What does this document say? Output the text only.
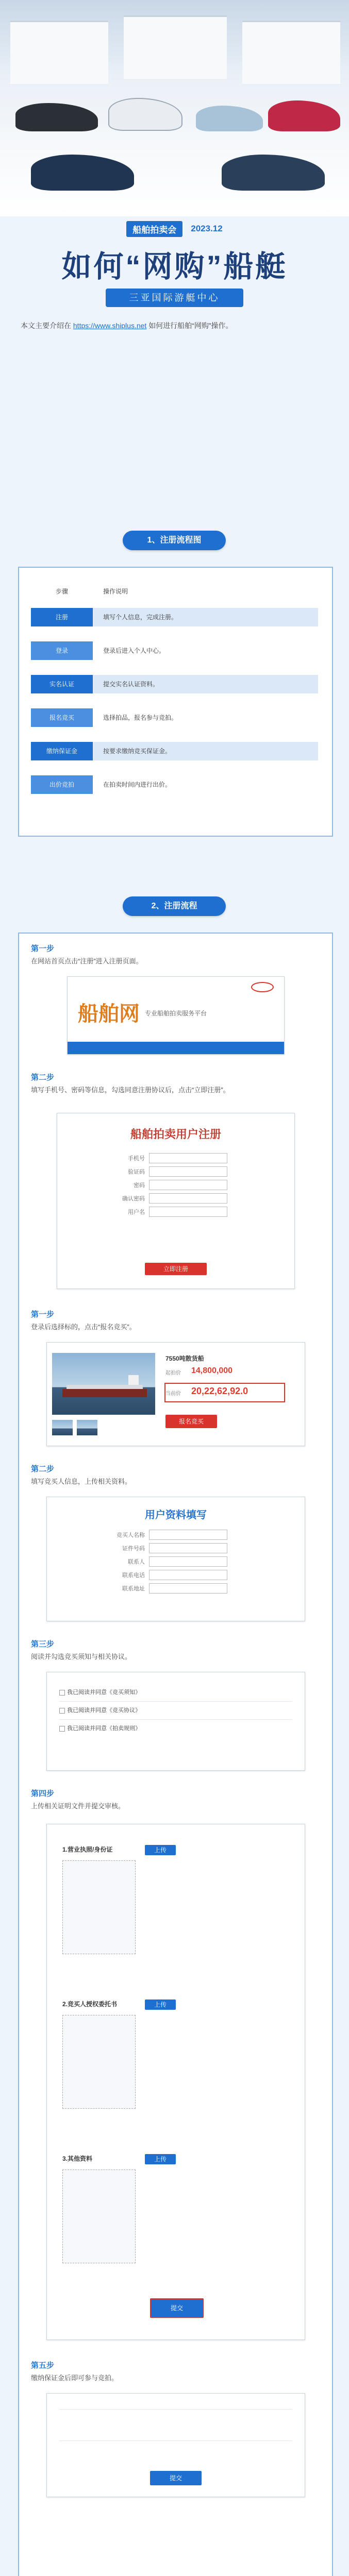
船舶拍卖会	2023.12
如何“网购”船艇
三亚国际游艇中心
本文主要介绍在 https://www.shiplus.net 如何进行船舶“网购”操作。
1、注册流程图
步骤	操作说明
注册	填写个人信息，完成注册。
登录	登录后进入个人中心。
实名认证	提交实名认证资料。
报名竞买	选择拍品，报名参与竞拍。
缴纳保证金	按要求缴纳竞买保证金。
出价竞拍	在拍卖时间内进行出价。
2、注册流程
第一步
在网站首页点击“注册”进入注册页面。
船舶网 专业船舶拍卖服务平台
第二步
填写手机号、密码等信息，勾选同意注册协议后，点击“立即注册”。
船舶拍卖用户注册
手机号
验证码
密码
确认密码
用户名
立即注册
第一步
登录后选择标的，点击“报名竞买”。
7550吨散货船
起拍价 14,800,000
当前价 20,22,62,92.0
报名竞买
第二步
填写竞买人信息，上传相关资料。
用户资料填写
竞买人名称
证件号码
联系人
联系电话
联系地址
第三步
阅读并勾选竞买须知与相关协议。
我已阅读并同意《竞买须知》
我已阅读并同意《竞买协议》
我已阅读并同意《拍卖规则》
第四步
上传相关证明文件并提交审核。
1.营业执照/身份证	上传
2.竞买人授权委托书	上传
3.其他资料	上传
提交
第五步
缴纳保证金后即可参与竞拍。
提交
